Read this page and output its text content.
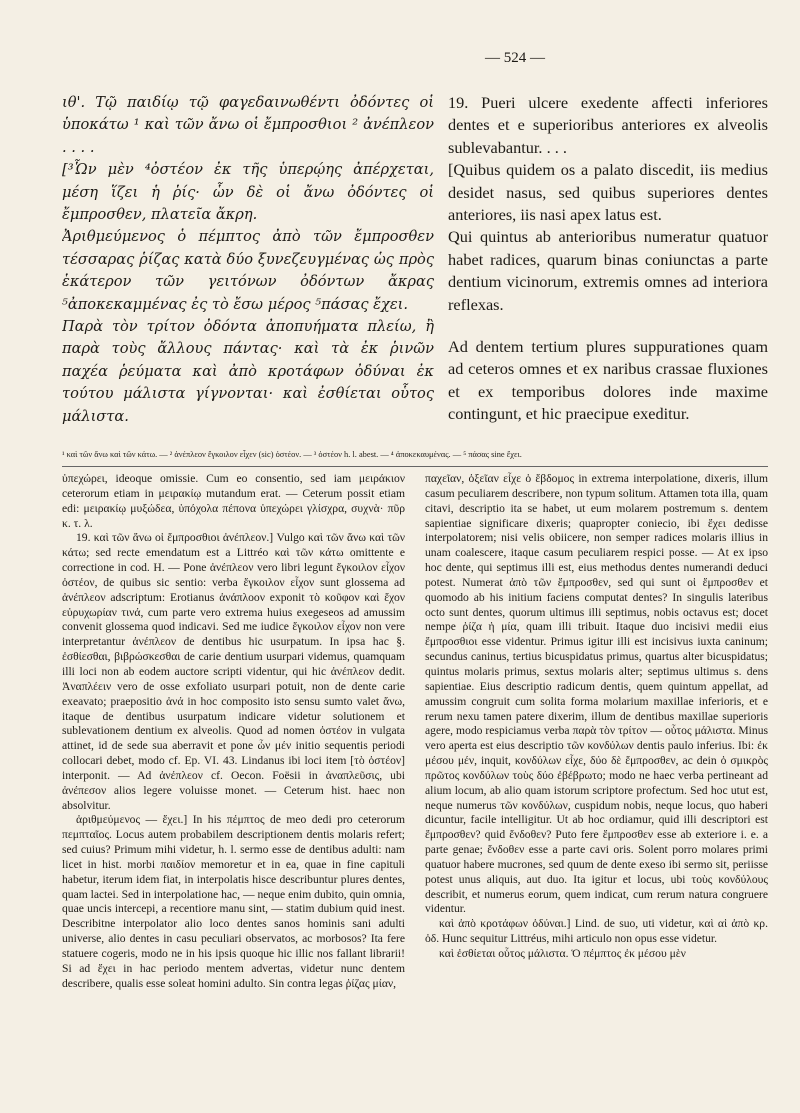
— 524 —

ιθ'. Τῷ παιδίῳ τῷ φαγεδαινωθέντι ὀδόντες οἱ ὑποκάτω ¹ καὶ τῶν ἄνω οἱ ἔμπροσθιοι ² ἀνέπλεον . . . .

[³Ὧν μὲν ⁴ὀστέον ἐκ τῆς ὑπερῴης ἀπέρχεται, μέση ἵζει ἡ ῥίς· ὧν δὲ οἱ ἄνω ὀδόντες οἱ ἔμπροσθεν, πλατεῖα ἄκρη.

Ἀριθμεύμενος ὁ πέμπτος ἀπὸ τῶν ἔμπροσθεν τέσσαρας ῥίζας κατὰ δύο ξυνεζευγμένας ὡς πρὸς ἑκάτερον τῶν γειτόνων ὀδόντων ἄκρας ⁵ἀποκεκαμμένας ἐς τὸ ἔσω μέρος ⁵πάσας ἔχει.

Παρὰ τὸν τρίτον ὀδόντα ἀποπυήματα πλείω, ἢ παρὰ τοὺς ἄλλους πάντας· καὶ τὰ ἐκ ῥινῶν παχέα ῥεύματα καὶ ἀπὸ κροτάφων ὀδύναι ἐκ τούτου μάλιστα γίγνονται· καὶ ἐσθίεται οὗτος μάλιστα.

19. Pueri ulcere exedente affecti inferiores dentes et e superioribus anteriores ex alveolis sublevabantur. . . .

[Quibus quidem os a palato discedit, iis medius desidet nasus, sed quibus superiores dentes anteriores, iis nasi apex latus est.

Qui quintus ab anterioribus numeratur quatuor habet radices, quarum binas coniunctas a parte dentium vicinorum, extremis omnes ad interiora reflexas.

Ad dentem tertium plures suppurationes quam ad ceteros omnes et ex naribus crassae fluxiones et ex temporibus dolores inde maxime contingunt, et hic praecipue exeditur.

¹ καὶ τῶν ἄνω καὶ τῶν κάτω. — ² ἀνέπλεον ἔγκοιλον εἶχεν (sic) ὀστέον. — ³ ὀστέον h. l. abest. — ⁴ ἀποκεκαυμένας. — ⁵ πάσας sine ἔχει.

ὑπεχώρει, ideoque omissie. Cum eo consentio, sed iam μειράκιον ceterorum etiam in μειρακίῳ mutandum erat. — Ceterum possit etiam edi: μειρακίῳ μυξώδεα, ὑπόχολα πέπονα ὑπεχώρει γλίσχρα, συχνὰ· πῦρ κ. τ. λ.

19. καὶ τῶν ἄνω οἱ ἔμπροσθιοι ἀνέπλεον.] Vulgo καὶ τῶν ἄνω καὶ τῶν κάτω; sed recte emendatum est a Littréo καὶ τῶν κάτω omittente e correctione in cod. H. — Pone ἀνέπλεον vero libri legunt ἔγκοιλον εἶχον ὀστέον, de quibus sic sentio: verba ἔγκοιλον εἶχον sunt glossema ad ἀνέπλεον adscriptum: Erotianus ἀνάπλοον exponit τὸ κοῦφον καὶ ἔχον εὐρυχωρίαν τινά, cum parte vero extrema huius exegeseos ad amussim convenit glossema quod indicavi. Sed me iudice ἔγκοιλον εἶχον non vere interpretantur ἀνέπλεον de dentibus hic usurpatum. In ipsa hac §. ἐσθίεσθαι, βιβρώσκεσθαι de carie dentium usurpari videmus, quamquam illi loci non ab eodem auctore scripti videntur, qui hic ἀνέπλεον dedit. Ἀναπλέειν vero de osse exfoliato usurpari potuit, non de dente carie exeavato; praepositio ἀνά in hoc composito isto sensu sumto valet ἄνω, itaque de dentibus usurpatum indicare videtur solutionem et sublevationem dentium ex alveolis. Quod ad nomen ὀστέον in vulgata attinet, id de sede sua aberravit et pone ὧν μέν initio sequentis periodi collocari debet, modo cf. Ep. VI. 43. Lindanus ibi loci item [τὸ ὀστέον] interponit. — Ad ἀνέπλεον cf. Oecon. Foësii in ἀναπλεῦσις, ubi ἀνέπεσον alios legere voluisse monet. — Ceterum hist. haec non absolvitur.

ἀριθμεύμενος — ἔχει.] In his πέμπτος de meo dedi pro ceterorum πεμπταῖος. Locus autem probabilem descriptionem dentis molaris refert; sed cuius? Primum mihi videtur, h. l. sermo esse de dentibus adulti: nam licet in hist. morbi παιδίον memoretur et in ea, quae in fine capituli habetur, iterum idem fiat, in interpolatis hisce describuntur plures dentes, quam lactei. Sed in interpolatione hac, — neque enim dubito, quin omnia, quae uncis intercepi, a recentiore manu sint, — statim dubium quid inest. Describitne interpolator alio loco dentes sanos hominis sani adulti universe, alio dentes in casu peculiari observatos, ac morbosos? Ita fere statuere cogeris, modo ne in his ipsis quoque hic illic nos fallant librarii! Si ad ἔχει in hac periodo mentem advertas, videtur nunc dentem describere, qualis esse soleat homini adulto. Sin contra legas ῥίζας μίαν,

παχεῖαν, ὀξεῖαν εἶχε ὁ ἕβδομος in extrema interpolatione, dixeris, illum casum peculiarem describere, non typum solitum. Attamen tota illa, quam citavi, descriptio ita se habet, ut eum molarem postremum s. dentem sapientiae significare dixeris; quapropter coniecio, ibi ἔχει dedisse interpolatorem; nisi velis obiicere, non semper radices molaris illius in unam coalescere, itaque casum peculiarem respici posse. — At ex ipso hoc dente, qui septimus illi est, eius methodus dentes numerandi deduci potest. Numerat ἀπὸ τῶν ἔμπροσθεν, sed qui sunt οἱ ἔμπροσθεν et quomodo ab his initium faciens computat dentes? In singulis lateribus octo sunt dentes, quorum ultimus illi septimus, nobis octavus est; docet nempe ῥίζα ἡ μία, quam illi tribuit. Itaque duo incisivi medii eius ἔμπροσθιοι esse videntur. Primus igitur illi est incisivus iuxta caninum; secundus caninus, tertius bicuspidatus primus, quartus alter bicuspidatus; quintus molaris primus, sextus molaris alter; septimus ultimus s. dens sapientiae. Eius descriptio radicum dentis, quem quintum appellat, ad amussim congruit cum solita forma molarium maxillae inferioris, et e rerum nexu tamen patere dixerim, illum de dentibus maxillae superioris agere, modo respiciamus verba παρὰ τὸν τρίτον — οὗτος μάλιστα. Minus vero aperta est eius descriptio τῶν κονδύλων dentis paulo inferius. Ibi: ἐκ μέσου μέν, inquit, κονδύλων εἶχε, δύο δὲ ἔμπροσθεν, ac dein ὁ σμικρὸς πρῶτος κονδύλων τοὺς δύο ἐβέβρωτο; modo ne haec verba pertineant ad alium locum, ab alio quam istorum scriptore profectum. Sed hoc utut est, neque numerus τῶν κονδύλων, cuspidum nobis, neque locus, quo haberi dicuntur, facile intelligitur. Ut ab hoc ordiamur, quid illi descriptori est ἔμπροσθεν? quid ἔνδοθεν? Puto fere ἔμπροσθεν esse ab exteriore i. e. a parte genae; ἔνδοθεν esse a parte cavi oris. Solent porro molares primi quatuor habere mucrones, sed quum de dente exeso ibi sermo sit, periisse potest unus aliquis, aut duo. Ita igitur et locus, ubi τοὺς κονδύλους describit, et numerus eorum, quem indicat, cum rerum natura congruere videntur.

καὶ ἀπὸ κροτάφων ὀδύναι.] Lind. de suo, uti videtur, καὶ αἱ ἀπὸ κρ. ὀδ. Hunc sequitur Littréus, mihi articulo non opus esse videtur.

καὶ ἐσθίεται οὗτος μάλιστα. Ὁ πέμπτος ἐκ μέσου μὲν
